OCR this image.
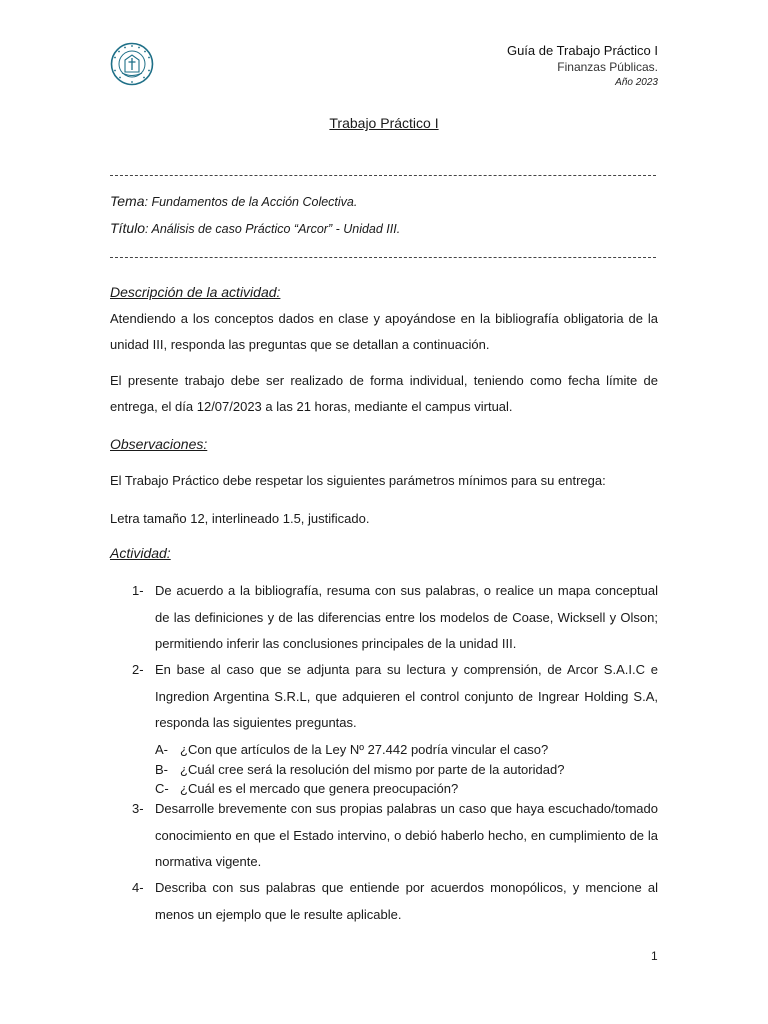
Guía de Trabajo Práctico I
Finanzas Públicas.
Año 2023
Trabajo Práctico I
Tema: Fundamentos de la Acción Colectiva.
Título: Análisis de caso Práctico “Arcor” - Unidad III.
Descripción de la actividad:
Atendiendo a los conceptos dados en clase y apoyándose en la bibliografía obligatoria de la unidad III, responda las preguntas que se detallan a continuación.
El presente trabajo debe ser realizado de forma individual, teniendo como fecha límite de entrega, el día 12/07/2023 a las 21 horas, mediante el campus virtual.
Observaciones:
El Trabajo Práctico debe respetar los siguientes parámetros mínimos para su entrega:
Letra tamaño 12, interlineado 1.5, justificado.
Actividad:
1- De acuerdo a la bibliografía, resuma con sus palabras, o realice un mapa conceptual de las definiciones y de las diferencias entre los modelos de Coase, Wicksell y Olson; permitiendo inferir las conclusiones principales de la unidad III.
2- En base al caso que se adjunta para su lectura y comprensión, de Arcor S.A.I.C e Ingredion Argentina S.R.L, que adquieren el control conjunto de Ingrear Holding S.A, responda las siguientes preguntas.
A- ¿Con que artículos de la Ley Nº 27.442 podría vincular el caso?
B- ¿Cuál cree será la resolución del mismo por parte de la autoridad?
C- ¿Cuál es el mercado que genera preocupación?
3- Desarrolle brevemente con sus propias palabras un caso que haya escuchado/tomado conocimiento en que el Estado intervino, o debió haberlo hecho, en cumplimiento de la normativa vigente.
4- Describa con sus palabras que entiende por acuerdos monopólicos, y mencione al menos un ejemplo que le resulte aplicable.
1
